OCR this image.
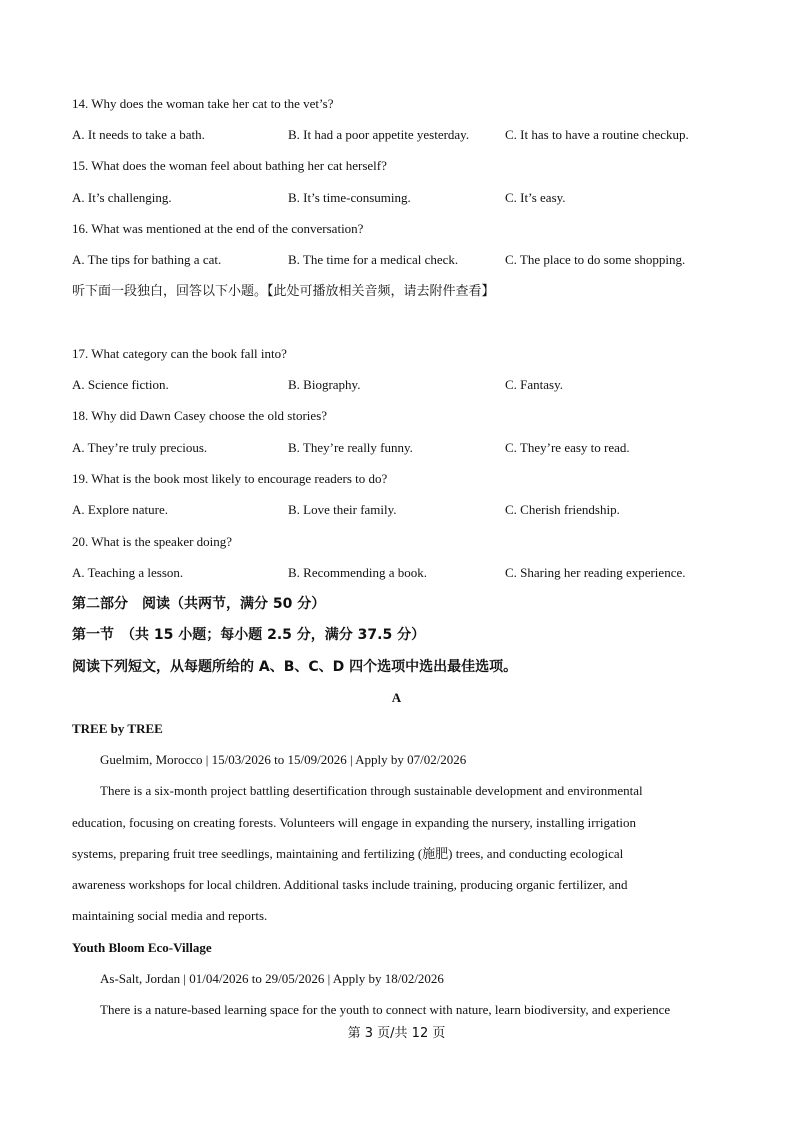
14. Why does the woman take her cat to the vet’s?
A. It needs to take a bath.	B. It had a poor appetite yesterday.	C. It has to have a routine checkup.
15. What does the woman feel about bathing her cat herself?
A. It’s challenging.	B. It’s time-consuming.	C. It’s easy.
16. What was mentioned at the end of the conversation?
A. The tips for bathing a cat.	B. The time for a medical check.	C. The place to do some shopping.
听下面一段独白，回答以下小题。【此处可播放相关音频，请去附件查看】
17. What category can the book fall into?
A. Science fiction.	B. Biography.	C. Fantasy.
18. Why did Dawn Casey choose the old stories?
A. They’re truly precious.	B. They’re really funny.	C. They’re easy to read.
19. What is the book most likely to encourage readers to do?
A. Explore nature.	B. Love their family.	C. Cherish friendship.
20. What is the speaker doing?
A. Teaching a lesson.	B. Recommending a book.	C. Sharing her reading experience.
第二部分　阅读（共两节，满分 50 分）
第一节　（共 15 小题；每小题 2.5 分，满分 37.5 分）
阅读下列短文，从每题所给的 A、B、C、D 四个选项中选出最佳选项。
A
TREE by TREE
Guelmim, Morocco | 15/03/2026 to 15/09/2026 | Apply by 07/02/2026
There is a six-month project battling desertification through sustainable development and environmental
education, focusing on creating forests. Volunteers will engage in expanding the nursery, installing irrigation
systems, preparing fruit tree seedlings, maintaining and fertilizing (施肥) trees, and conducting ecological
awareness workshops for local children. Additional tasks include training, producing organic fertilizer, and
maintaining social media and reports.
Youth Bloom Eco-Village
As-Salt, Jordan | 01/04/2026 to 29/05/2026 | Apply by 18/02/2026
There is a nature-based learning space for the youth to connect with nature, learn biodiversity, and experience
第 3 页/共 12 页
